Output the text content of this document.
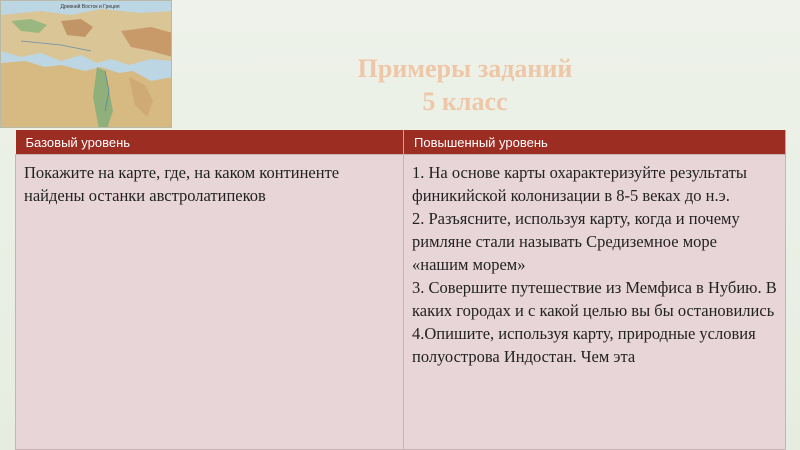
Древний Восток и Греция
Примеры заданий
5 класс
Базовый уровень	Повышенный уровень

Покажите на карте, где, на каком континенте найдены останки австролатипеков	1. На основе карты охарактеризуйте результаты финикийской колонизации в 8-5 веках до н.э.
2. Разъясните, используя карту, когда и почему римляне стали называть Средиземное море «нашим морем»
3. Совершите путешествие из Мемфиса в Нубию. В каких городах и с какой целью вы бы остановились
4.Опишите, используя карту, природные условия полуострова Индостан. Чем эта
